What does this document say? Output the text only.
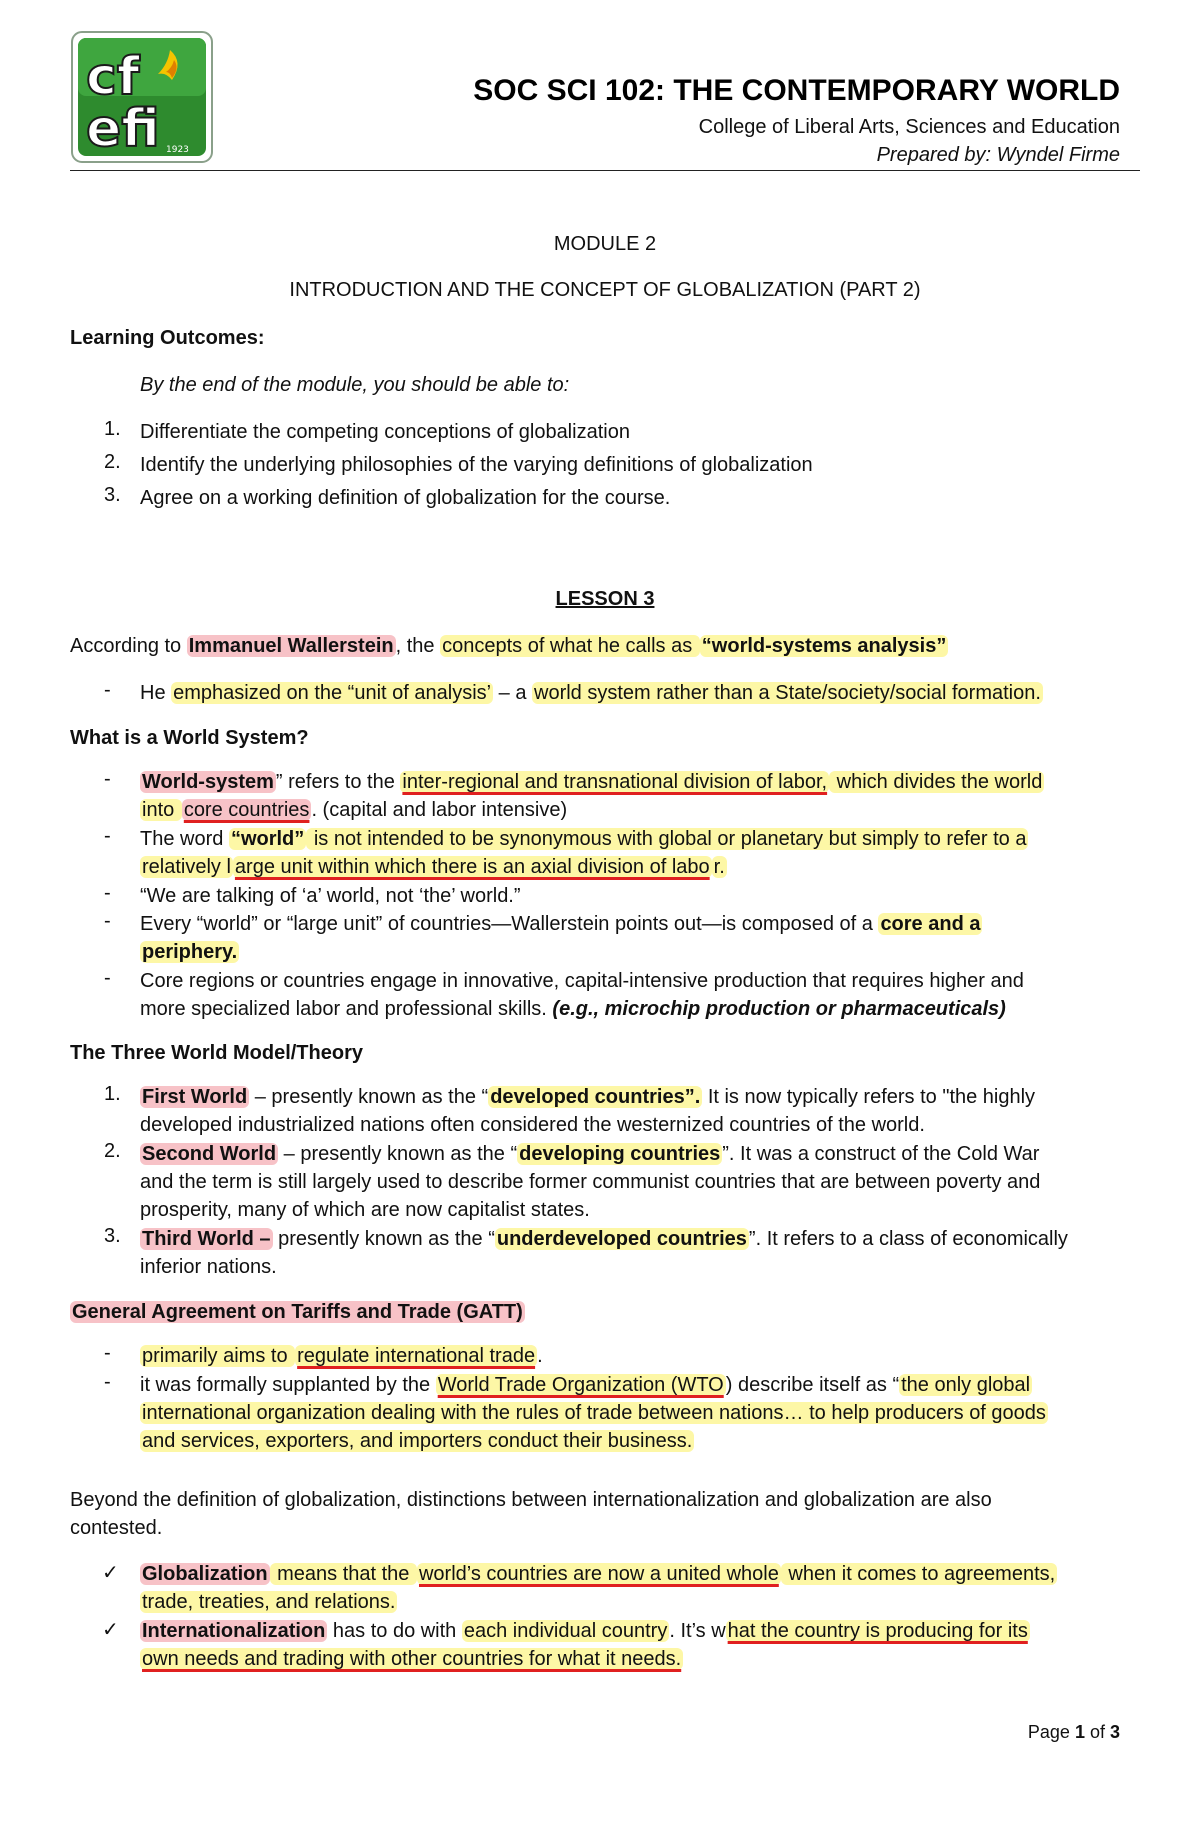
cf
efi 1923
SOC SCI 102: THE CONTEMPORARY WORLD
College of Liberal Arts, Sciences and Education
Prepared by: Wyndel Firme
MODULE 2
INTRODUCTION AND THE CONCEPT OF GLOBALIZATION (PART 2)
Learning Outcomes:
By the end of the module, you should be able to:
1. Differentiate the competing conceptions of globalization
2. Identify the underlying philosophies of the varying definitions of globalization
3. Agree on a working definition of globalization for the course.
LESSON 3
According to Immanuel Wallerstein , the concepts of what he calls as “world-systems analysis”
-	He emphasized on the “unit of analysis’ – a world system rather than a State/society/social formation.
What is a World System?
-	World-system ” refers to the inter-regional and transnational division of labor, which divides the world
into core countries . (capital and labor intensive)
-	The word “world” is not intended to be synonymous with global or planetary but simply to refer to a
relatively l arge unit within which there is an axial division of labo r.
-	“We are talking of ‘a’ world, not ‘the’ world.”
-	Every “world” or “large unit” of countries—Wallerstein points out—is composed of a core and a
periphery.
-	Core regions or countries engage in innovative, capital-intensive production that requires higher and
more specialized labor and professional skills. (e.g., microchip production or pharmaceuticals)
The Three World Model/Theory
1.	First World – presently known as the “ developed countries”. It is now typically refers to "the highly
developed industrialized nations often considered the westernized countries of the world.
2.	Second World – presently known as the “ developing countries ”. It was a construct of the Cold War
and the term is still largely used to describe former communist countries that are between poverty and
prosperity, many of which are now capitalist states.
3.	Third World – presently known as the “ underdeveloped countries ”. It refers to a class of economically
inferior nations.
General Agreement on Tariffs and Trade (GATT)
-	primarily aims to regulate international trade .
-	it was formally supplanted by the World Trade Organization (WTO ) describe itself as “ the only global
international organization dealing with the rules of trade between nations… to help producers of goods
and services, exporters, and importers conduct their business.
Beyond the definition of globalization, distinctions between internationalization and globalization are also
contested.
✓	Globalization means that the world’s countries are now a united whole when it comes to agreements,
trade, treaties, and relations.
✓	Internationalization has to do with each individual country . It’s w hat the country is producing for its
own needs and trading with other countries for what it needs.
Page 1 of 3
